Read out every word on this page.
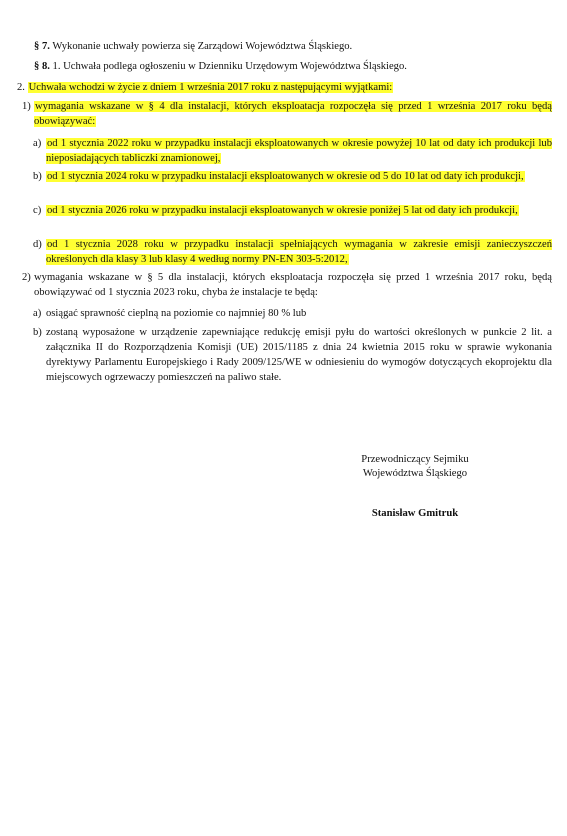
§ 7. Wykonanie uchwały powierza się Zarządowi Województwa Śląskiego.
§ 8. 1. Uchwała podlega ogłoszeniu w Dzienniku Urzędowym Województwa Śląskiego.
2. Uchwała wchodzi w życie z dniem 1 września 2017 roku z następującymi wyjątkami:
1) wymagania wskazane w § 4 dla instalacji, których eksploatacja rozpoczęła się przed 1 września 2017 roku będą obowiązywać:
a) od 1 stycznia 2022 roku w przypadku instalacji eksploatowanych w okresie powyżej 10 lat od daty ich produkcji lub nieposiadających tabliczki znamionowej,
b) od 1 stycznia 2024 roku w przypadku instalacji eksploatowanych w okresie od 5 do 10 lat od daty ich produkcji,
c) od 1 stycznia 2026 roku w przypadku instalacji eksploatowanych w okresie poniżej 5 lat od daty ich produkcji,
d) od 1 stycznia 2028 roku w przypadku instalacji spełniających wymagania w zakresie emisji zanieczyszczeń określonych dla klasy 3 lub klasy 4 według normy PN-EN 303-5:2012,
2) wymagania wskazane w § 5 dla instalacji, których eksploatacja rozpoczęła się przed 1 września 2017 roku, będą obowiązywać od 1 stycznia 2023 roku, chyba że instalacje te będą:
a) osiągać sprawność cieplną na poziomie co najmniej 80 % lub
b) zostaną wyposażone w urządzenie zapewniające redukcję emisji pyłu do wartości określonych w punkcie 2 lit. a załącznika II do Rozporządzenia Komisji (UE) 2015/1185 z dnia 24 kwietnia 2015 roku w sprawie wykonania dyrektywy Parlamentu Europejskiego i Rady 2009/125/WE w odniesieniu do wymogów dotyczących ekoprojektu dla miejscowych ogrzewaczy pomieszczeń na paliwo stałe.
Przewodniczący Sejmiku
Województwa Śląskiego
Stanisław Gmitruk
